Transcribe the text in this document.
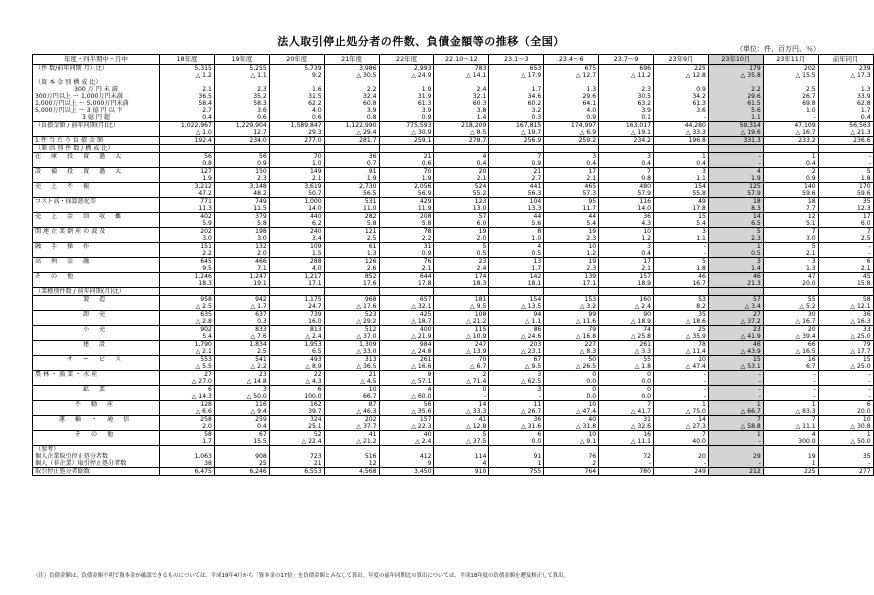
法人取引停止処分者の件数、負債金額等の推移（全国）
（単位：件、百万円、％）
年度・四半期中・月中	18年度	19年度	20年度	21年度	22年度	22.10～12	23.1～3	23.4～6	23.7～9	23年9月	23年10月	23年11月	前年同月
（件 数/前年同期 月）比）	5,315	5,255	5,739	3,986	2,993	783	653	675	696	225	179	202	239
	△ 1.2	△ 1.1	9.2	△ 30.5	△ 24.9	△ 14.1	△ 17.9	△ 12.7	△ 11.2	△ 12.8	△ 35.8	△ 15.5	△ 17.3
（資 本 金 別 構 成 比）													
300 万 円 未 満	2.1	2.3	1.6	2.2	1.9	2.4	1.7	1.3	2.3	0.9	2.2	2.5	1.3
300万円以上 ～ 1,000万円未満	36.5	35.2	31.5	32.4	31.9	32.1	34.6	29.6	30.5	34.2	29.6	26.7	33.9
1,000万円以上 ～ 5,000万円未満	58.4	58.3	62.2	60.8	61.3	60.3	60.2	64.1	63.2	61.3	61.5	69.8	62.8
5,000万円以上 ～ 3 億 円 以 下	2.7	3.6	4.0	3.9	3.9	3.8	3.2	4.0	3.9	3.6	5.6	1.0	1.7
3 億 円 超	0.4	0.6	0.6	0.8	0.9	1.4	0.3	0.9	0.1	-	1.1	-	0.4
（負債金額 / 前年同期(月)比）	1,022,967	1,229,904	1,589,847	1,122,990	775,593	218,209	167,815	174,997	163,017	44,280	59,314	47,109	56,563
	△ 1.0	12.7	29.3	△ 29.4	△ 30.9	△ 8.5	△ 19.7	△ 6.9	△ 19.1	△ 33.3	△ 19.6	△ 16.7	△ 21.3
1 件 当 た り 負 債 金 額	192.4	234.0	277.0	281.7	259.1	278.7	256.9	259.2	234.2	196.8	331.3	233.2	236.6
（原 因 別 件 数 / 構 成 比）													
在 庫 投 資 過 大	56	56	70	36	21	4	7	3	3	1	-	1	-
	0.8	0.9	1.0	0.7	0.6	0.4	0.9	0.4	0.4	0.4	-	0.4	-
設 備 投 資 過 大	127	150	149	91	70	20	21	17	7	3	4	2	5
	1.9	2.3	2.1	1.9	1.9	2.1	2.7	2.1	0.8	1.1	1.9	0.9	1.8
売 上 不 振	3,212	3,148	3,619	2,730	2,056	524	441	465	480	154	125	140	170
	47.2	48.2	50.7	56.5	56.9	55.2	56.3	57.3	57.9	55.8	57.9	59.6	59.6
コスト高・採算悪化等	771	749	1,000	531	429	123	104	95	116	49	18	18	35
	11.3	11.5	14.0	11.0	11.9	13.0	13.3	11.7	14.0	17.8	8.3	7.7	12.3
売 上 金 回 収 難	402	379	440	282	208	57	44	44	36	15	14	12	17
	5.9	5.8	6.2	5.8	5.8	6.0	5.6	5.4	4.3	5.4	6.5	5.1	6.0
関 連 企 業 倒 産 の 波 及	202	198	240	121	78	19	8	19	10	3	5	7	7
	3.0	3.0	3.4	2.5	2.2	2.0	1.0	2.3	1.2	1.1	2.3	3.0	2.5
融 手 操 作	151	132	109	61	31	5	4	10	3	-	1	5	-
	2.2	2.0	1.5	1.3	0.9	0.5	0.5	1.2	0.4	-	0.5	2.1	-
高 利 金 融	645	466	288	126	76	23	13	19	17	5	3	3	6
	9.5	7.1	4.0	2.6	2.1	2.4	1.7	2.3	2.1	1.8	1.4	1.3	2.1
そ の 他	1,246	1,247	1,217	852	644	174	142	139	157	46	46	47	45
	18.3	19.1	17.1	17.6	17.8	18.3	18.1	17.1	18.9	16.7	21.3	20.0	15.8
（業種別件数 / 前年同期(月)比）													
製 造	958	942	1,175	968	657	181	154	153	160	53	57	55	58
	△ 2.5	△ 1.7	24.7	△ 17.6	△ 32.1	△ 9.5	△ 13.5	△ 3.2	△ 2.4	8.2	△ 3.4	△ 5.2	△ 12.1
卸 売	635	637	739	523	425	108	94	99	90	35	27	30	36
	△ 2.8	0.3	16.0	△ 29.2	△ 18.7	△ 21.2	△ 1.1	△ 11.6	△ 18.9	△ 18.6	△ 37.2	△ 16.7	△ 16.3
小 売	902	833	813	512	400	115	86	79	74	25	23	20	33
	5.4	△ 7.6	△ 2.4	△ 37.0	△ 21.9	△ 10.9	△ 24.6	△ 16.8	△ 25.8	△ 35.9	△ 41.9	△ 39.4	△ 25.0
建 設	1,790	1,834	1,953	1,309	984	247	203	227	261	78	46	66	79
	△ 2.1	2.5	6.5	△ 33.0	△ 24.8	△ 13.9	△ 23.1	△ 8.3	△ 3.3	△ 11.4	△ 43.9	△ 16.5	△ 17.7
サ ー ビ ス	553	541	493	313	261	70	67	50	55	10	15	16	15
	△ 5.5	△ 2.2	△ 8.9	△ 36.5	△ 16.6	△ 6.7	△ 9.5	△ 26.5	△ 1.8	△ 47.4	△ 53.1	6.7	△ 25.0
農 林 ・ 漁 業 ・ 水 産	27	23	22	21	9	2	3	0	0	-	-	-	-
	△ 27.0	△ 14.8	△ 4.3	△ 4.5	△ 57.1	△ 71.4	△ 62.5	0.0	0.0	-	-	-	-
鉱 業	6	3	6	10	4	0	3	0	0	-	-	-	-
	△ 14.3	△ 50.0	100.0	66.7	△ 60.0	-	-	0.0	0.0	-	-	-	-
不 動 産	128	116	162	87	56	14	11	10	7	1	1	1	6
	△ 6.6	△ 9.4	39.7	△ 46.3	△ 35.6	△ 33.3	△ 26.7	△ 47.4	△ 41.7	△ 75.0	△ 66.7	△ 83.3	20.0
運 輸 ・ 通 信	258	259	324	202	157	41	36	40	31	14	7	7	10
	2.0	0.4	25.1	△ 37.7	△ 22.3	△ 12.8	△ 31.6	△ 31.8	△ 32.6	△ 27.3	△ 58.8	△ 11.1	△ 30.8
そ の 他	58	67	52	41	40	5	6	10	16	7	1	4	1
	1.7	15.5	△ 22.4	△ 21.2	△ 2.4	△ 37.5	0.0	△ 9.1	△ 11.1	40.0	-	300.0	△ 50.0
（参考）													
個人企業取引停止処分者数	1,063	908	723	516	412	114	91	76	72	20	29	19	35
個人（非企業）取引停止処分者数	38	25	21	12	9	4	1	2	-	-	-	1	-
取引停止処分者総数	6,475	6,246	6,553	4,568	3,450	910	755	764	780	249	212	225	277
（注）負債金額は、負債金額不明で資本金が確認できるものについては、平成19年4月から「資本金の17倍」を負債金額とみなして算出。年度の前年同期比の算出については、平成18年度の負債金額を遡及修正して算出。
